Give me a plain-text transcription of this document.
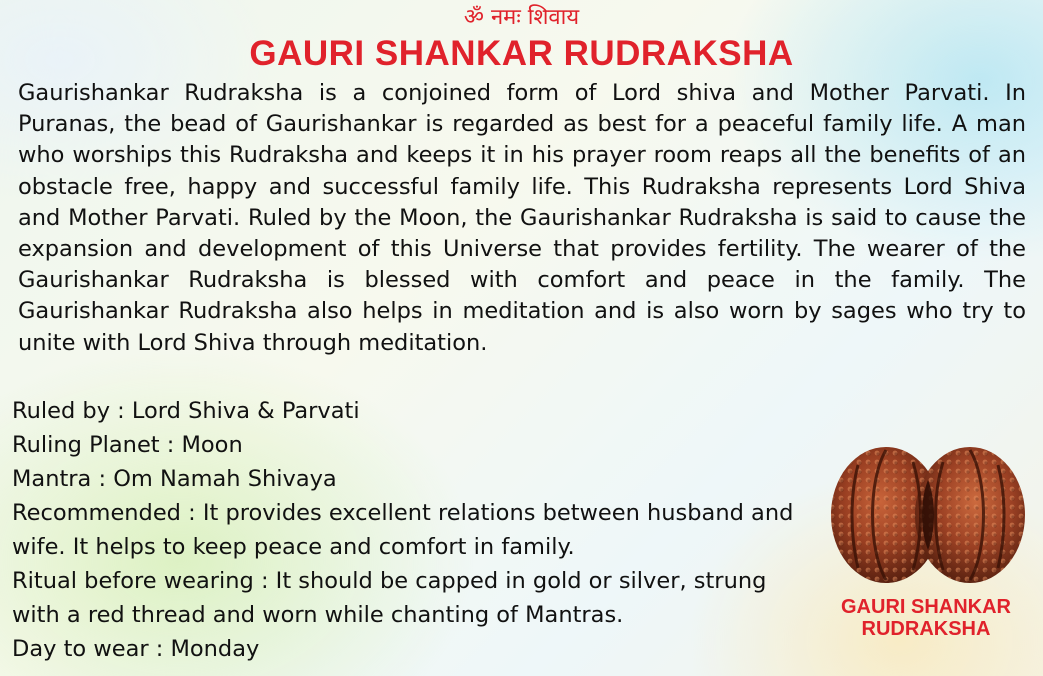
ॐ नमः शिवाय
GAURI SHANKAR RUDRAKSHA

Gaurishankar Rudraksha is a conjoined form of Lord shiva and Mother Parvati. In Puranas, the bead of Gaurishankar is regarded as best for a peaceful family life. A man who worships this Rudraksha and keeps it in his prayer room reaps all the benefits of an obstacle free, happy and successful family life. This Rudraksha represents Lord Shiva and Mother Parvati. Ruled by the Moon, the Gaurishankar Rudraksha is said to cause the expansion and development of this Universe that provides fertility. The wearer of the Gaurishankar Rudraksha is blessed with comfort and peace in the family. The Gaurishankar Rudraksha also helps in meditation and is also worn by sages who try to unite with Lord Shiva through meditation.

Ruled by : Lord Shiva & Parvati
Ruling Planet : Moon
Mantra : Om Namah Shivaya
Recommended : It provides excellent relations between husband and wife. It helps to keep peace and comfort in family.
Ritual before wearing : It should be capped in gold or silver, strung with a red thread and worn while chanting of Mantras.
Day to wear : Monday
GAURI SHANKAR
RUDRAKSHA
